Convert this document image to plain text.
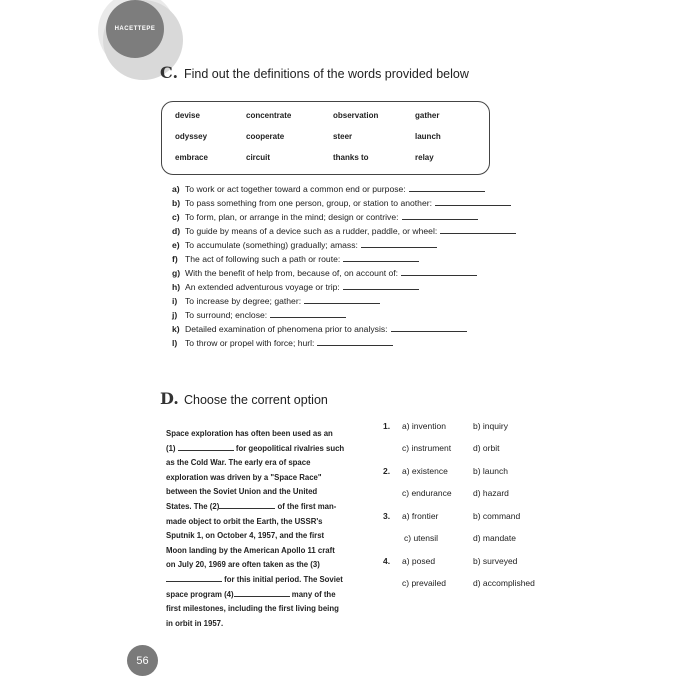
HACETTEPE
C. Find out the definitions of the words provided below
devise	concentrate	observation	gather
odyssey	cooperate	steer	launch
embrace	circuit	thanks to	relay
a) To work or act together toward a common end or purpose:
b) To pass something from one person, group, or station to another:
c) To form, plan, or arrange in the mind; design or contrive:
d) To guide by means of a device such as a rudder, paddle, or wheel:
e) To accumulate (something) gradually; amass:
f) The act of following such a path or route:
g) With the benefit of help from, because of, on account of:
h) An extended adventurous voyage or trip:
i) To increase by degree; gather:
j) To surround; enclose:
k) Detailed examination of phenomena prior to analysis:
l) To throw or propel with force; hurl:
D. Choose the corrent option
Space exploration has often been used as an
(1)	for geopolitical rivalries such
as the Cold War. The early era of space
exploration was driven by a "Space Race"
between the Soviet Union and the United
States. The (2)	of the first man-
made object to orbit the Earth, the USSR's
Sputnik 1, on October 4, 1957, and the first
Moon landing by the American Apollo 11 craft
on July 20, 1969 are often taken as the (3)
for this initial period. The Soviet
space program (4)	many of the
first milestones, including the first living being
in orbit in 1957.
1. a) invention	b) inquiry
c) instrument	d) orbit
2. a) existence	b) launch
c) endurance	d) hazard
3. a) frontier	b) command
c) utensil	d) mandate
4. a) posed	b) surveyed
c) prevailed	d) accomplished
56
